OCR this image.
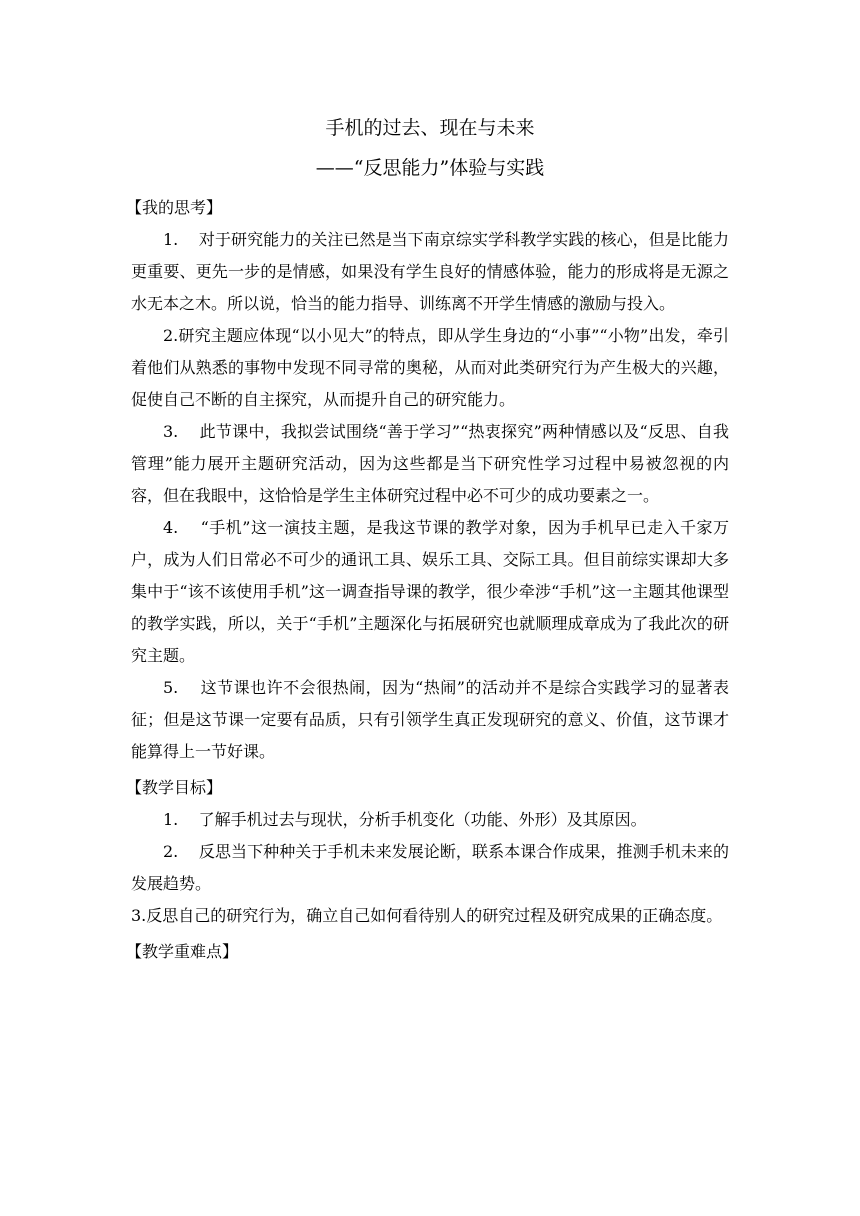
手机的过去、现在与未来

——“反思能力”体验与实践

【我的思考】

1. 对于研究能力的关注已然是当下南京综实学科教学实践的核心，但是比能力更重要、更先一步的是情感，如果没有学生良好的情感体验，能力的形成将是无源之水无本之木。所以说，恰当的能力指导、训练离不开学生情感的激励与投入。

2.研究主题应体现“以小见大”的特点，即从学生身边的“小事”“小物”出发，牵引着他们从熟悉的事物中发现不同寻常的奥秘，从而对此类研究行为产生极大的兴趣，促使自己不断的自主探究，从而提升自己的研究能力。

3. 此节课中，我拟尝试围绕“善于学习”“热衷探究”两种情感以及“反思、自我管理”能力展开主题研究活动，因为这些都是当下研究性学习过程中易被忽视的内容，但在我眼中，这恰恰是学生主体研究过程中必不可少的成功要素之一。

4. “手机”这一演技主题，是我这节课的教学对象，因为手机早已走入千家万户，成为人们日常必不可少的通讯工具、娱乐工具、交际工具。但目前综实课却大多集中于“该不该使用手机”这一调查指导课的教学，很少牵涉“手机”这一主题其他课型的教学实践，所以，关于“手机”主题深化与拓展研究也就顺理成章成为了我此次的研究主题。

5. 这节课也许不会很热闹，因为“热闹”的活动并不是综合实践学习的显著表征；但是这节课一定要有品质，只有引领学生真正发现研究的意义、价值，这节课才能算得上一节好课。

【教学目标】

1. 了解手机过去与现状，分析手机变化（功能、外形）及其原因。

2. 反思当下种种关于手机未来发展论断，联系本课合作成果，推测手机未来的发展趋势。

3.反思自己的研究行为，确立自己如何看待别人的研究过程及研究成果的正确态度。

【教学重难点】
